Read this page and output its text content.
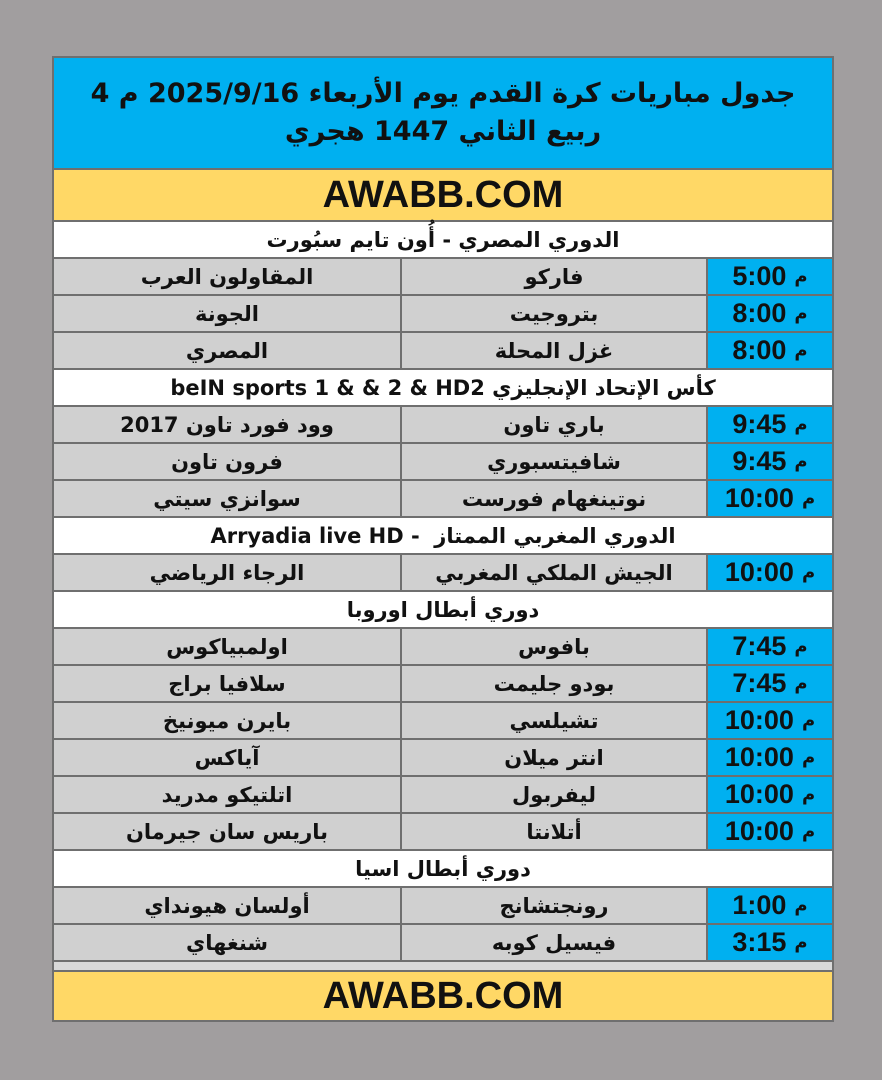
جدول مباريات كرة القدم يوم الأربعاء 2025/9/16 م 4 ربيع الثاني 1447 هجري
AWABB.COM
الدوري المصري - أُون تايم سبُورت
م
5:00
فاركو
المقاولون العرب
م
8:00
بتروجيت
الجونة
م
8:00
غزل المحلة
المصري
كأس الإتحاد الإنجليزي beIN sports 1 & & 2 & HD2
م
9:45
باري تاون
وود فورد تاون 2017
م
9:45
شافيتسبوري
فرون تاون
م
10:00
نوتينغهام فورست
سوانزي سيتي
الدوري المغربي الممتاز  - Arryadia live HD
م
10:00
الجيش الملكي المغربي
الرجاء الرياضي
دوري أبطال اوروبا
م
7:45
بافوس
اولمبياكوس
م
7:45
بودو جليمت
سلافيا براج
م
10:00
تشيلسي
بايرن ميونيخ
م
10:00
انتر ميلان
آياكس
م
10:00
ليفربول
اتلتيكو مدريد
م
10:00
أتلانتا
باريس سان جيرمان
دوري أبطال اسيا
م
1:00
رونجتشانج
أولسان هيونداي
م
3:15
فيسيل كوبه
شنغهاي
AWABB.COM
